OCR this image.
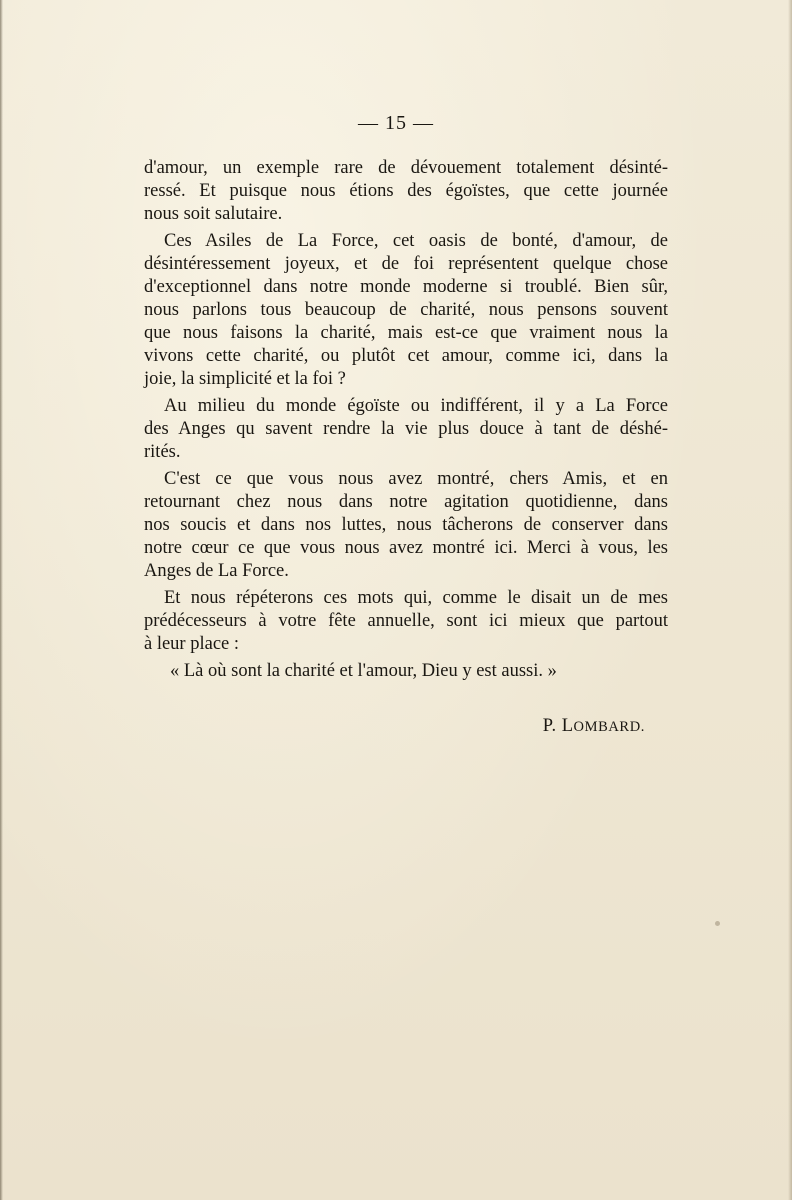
— 15 —
d'amour, un exemple rare de dévouement totalement désinté-
ressé. Et puisque nous étions des égoïstes, que cette journée
nous soit salutaire.
Ces Asiles de La Force, cet oasis de bonté, d'amour, de
désintéressement joyeux, et de foi représentent quelque chose
d'exceptionnel dans notre monde moderne si troublé. Bien sûr,
nous parlons tous beaucoup de charité, nous pensons souvent
que nous faisons la charité, mais est-ce que vraiment nous la
vivons cette charité, ou plutôt cet amour, comme ici, dans la
joie, la simplicité et la foi ?
Au milieu du monde égoïste ou indifférent, il y a La Force
des Anges qu savent rendre la vie plus douce à tant de déshé-
rités.
C'est ce que vous nous avez montré, chers Amis, et en
retournant chez nous dans notre agitation quotidienne, dans
nos soucis et dans nos luttes, nous tâcherons de conserver dans
notre cœur ce que vous nous avez montré ici. Merci à vous, les
Anges de La Force.
Et nous répéterons ces mots qui, comme le disait un de mes
prédécesseurs à votre fête annuelle, sont ici mieux que partout
à leur place :
« Là où sont la charité et l'amour, Dieu y est aussi. »
P. LOMBARD.
